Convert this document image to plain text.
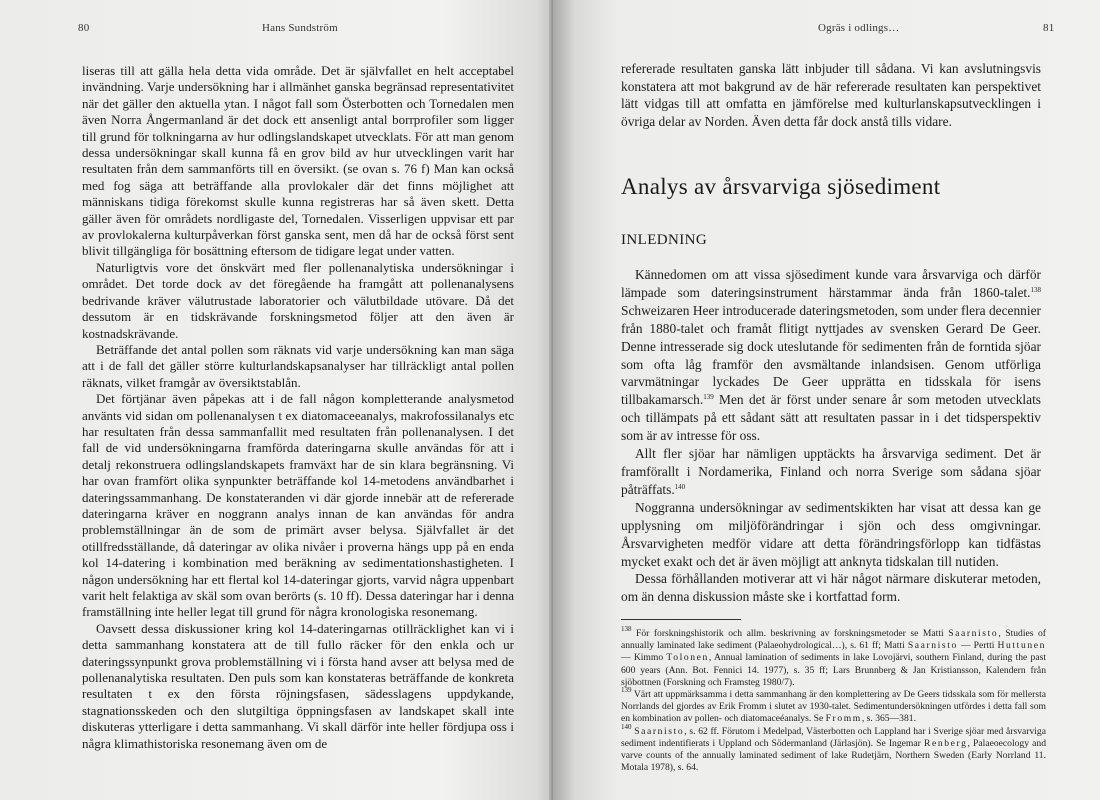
80	Hans Sundström

liseras till att gälla hela detta vida område. Det är självfallet en helt acceptabel invändning. Varje undersökning har i allmänhet ganska begränsad representativitet när det gäller den aktuella ytan. I något fall som Österbotten och Tornedalen men även Norra Ångermanland är det dock ett ansenligt antal borrprofiler som ligger till grund för tolkningarna av hur odlingslandskapet utvecklats. För att man genom dessa undersökningar skall kunna få en grov bild av hur utvecklingen varit har resultaten från dem sammanförts till en översikt. (se ovan s. 76 f) Man kan också med fog säga att beträffande alla provlokaler där det finns möjlighet att människans tidiga förekomst skulle kunna registreras har så även skett. Detta gäller även för områdets nordligaste del, Tornedalen. Visserligen uppvisar ett par av provlokalerna kulturpåverkan först ganska sent, men då har de också först sent blivit tillgängliga för bosättning eftersom de tidigare legat under vatten.

Naturligtvis vore det önskvärt med fler pollenanalytiska undersökningar i området. Det torde dock av det föregående ha framgått att pollenanalysens bedrivande kräver välutrustade laboratorier och välutbildade utövare. Då det dessutom är en tidskrävande forskningsmetod följer att den även är kostnadskrävande.

Beträffande det antal pollen som räknats vid varje undersökning kan man säga att i de fall det gäller större kulturlandskapsanalyser har tillräckligt antal pollen räknats, vilket framgår av översiktstablån.

Det förtjänar även påpekas att i de fall någon kompletterande analysmetod använts vid sidan om pollenanalysen t ex diatomaceeanalys, makrofossilanalys etc har resultaten från dessa sammanfallit med resultaten från pollenanalysen. I det fall de vid undersökningarna framförda dateringarna skulle användas för att i detalj rekonstruera odlingslandskapets framväxt har de sin klara begränsning. Vi har ovan framfört olika synpunkter beträffande kol 14-metodens användbarhet i dateringssammanhang. De konstateranden vi där gjorde innebär att de refererade dateringarna kräver en noggrann analys innan de kan användas för andra problemställningar än de som de primärt avser belysa. Självfallet är det otillfredsställande, då dateringar av olika nivåer i proverna hängs upp på en enda kol 14-datering i kombination med beräkning av sedimentationshastigheten. I någon undersökning har ett flertal kol 14-dateringar gjorts, varvid några uppenbart varit helt felaktiga av skäl som ovan berörts (s. 10 ff). Dessa dateringar har i denna framställning inte heller legat till grund för några kronologiska resonemang.

Oavsett dessa diskussioner kring kol 14-dateringarnas otillräcklighet kan vi i detta sammanhang konstatera att de till fullo räcker för den enkla och ur dateringssynpunkt grova problemställning vi i första hand avser att belysa med de pollenanalytiska resultaten. Den puls som kan konstateras beträffande de konkreta resultaten t ex den första röjningsfasen, sädesslagens uppdykande, stagnationsskeden och den slutgiltiga öppningsfasen av landskapet skall inte diskuteras ytterligare i detta sammanhang. Vi skall därför inte heller fördjupa oss i några klimathistoriska resonemang även om de

Ogräs i odlings…	81

refererade resultaten ganska lätt inbjuder till sådana. Vi kan avslutningsvis konstatera att mot bakgrund av de här refererade resultaten kan perspektivet lätt vidgas till att omfatta en jämförelse med kulturlanskapsutvecklingen i övriga delar av Norden. Även detta får dock anstå tills vidare.

Analys av årsvarviga sjösediment
INLEDNING

Kännedomen om att vissa sjösediment kunde vara årsvarviga och därför lämpade som dateringsinstrument härstammar ända från 1860-talet.$^{138}$ Schweizaren Heer introducerade dateringsmetoden, som under flera decennier från 1880-talet och framåt flitigt nyttjades av svensken Gerard De Geer. Denne intresserade sig dock uteslutande för sedimenten från de forntida sjöar som ofta låg framför den avsmältande inlandsisen. Genom utförliga varvmätningar lyckades De Geer upprätta en tidsskala för isens tillbakamarsch.$^{139}$ Men det är först under senare år som metoden utvecklats och tillämpats på ett sådant sätt att resultaten passar in i det tidsperspektiv som är av intresse för oss.

Allt fler sjöar har nämligen upptäckts ha årsvarviga sediment. Det är framförallt i Nordamerika, Finland och norra Sverige som sådana sjöar påträffats.$^{140}$

Noggranna undersökningar av sedimentskikten har visat att dessa kan ge upplysning om miljöförändringar i sjön och dess omgivningar. Årsvarvigheten medför vidare att detta förändringsförlopp kan tidfästas mycket exakt och det är även möjligt att anknyta tidskalan till nutiden.

Dessa förhållanden motiverar att vi här något närmare diskuterar metoden, om än denna diskussion måste ske i kortfattad form.

$^{138}$ För forskningshistorik och allm. beskrivning av forskningsmetoder se Matti Saarnisto, Studies of annually laminated lake sediment (Palaeohydrological…), s. 61 ff; Matti Saarnisto — Pertti Huttunen — Kimmo Tolonen, Annual lamination of sediments in lake Lovojärvi, southern Finland, during the past 600 years (Ann. Bot. Fennici 14. 1977), s. 35 ff; Lars Brunnberg & Jan Kristiansson, Kalendern från sjöbottnen (Forskning och Framsteg 1980/7).

$^{139}$ Värt att uppmärksamma i detta sammanhang är den komplettering av De Geers tidsskala som för mellersta Norrlands del gjordes av Erik Fromm i slutet av 1930-talet. Sedimentundersökningen utfördes i detta fall som en kombination av pollen- och diatomaceéanalys. Se Fromm, s. 365—381.

$^{140}$ Saarnisto, s. 62 ff. Förutom i Medelpad, Västerbotten och Lappland har i Sverige sjöar med årsvarviga sediment indentifierats i Uppland och Södermanland (Järlasjön). Se Ingemar Renberg, Palaeoecology and varve counts of the annually laminated sediment of lake Rudetjärn, Northern Sweden (Early Norrland 11. Motala 1978), s. 64.
